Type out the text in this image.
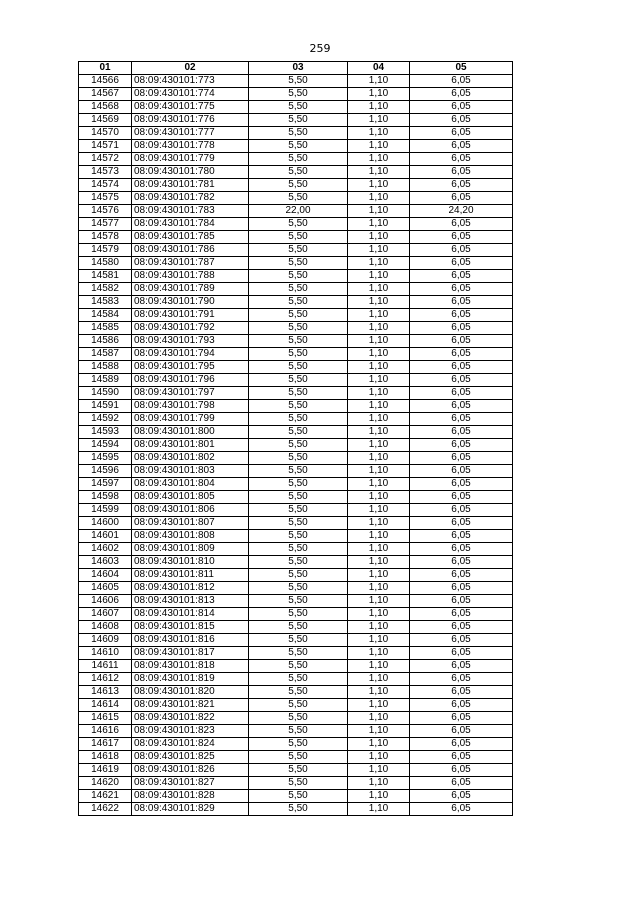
259
01	02	03	04	05
14566	08:09:430101:773	5,50	1,10	6,05
14567	08:09:430101:774	5,50	1,10	6,05
14568	08:09:430101:775	5,50	1,10	6,05
14569	08:09:430101:776	5,50	1,10	6,05
14570	08:09:430101:777	5,50	1,10	6,05
14571	08:09:430101:778	5,50	1,10	6,05
14572	08:09:430101:779	5,50	1,10	6,05
14573	08:09:430101:780	5,50	1,10	6,05
14574	08:09:430101:781	5,50	1,10	6,05
14575	08:09:430101:782	5,50	1,10	6,05
14576	08:09:430101:783	22,00	1,10	24,20
14577	08:09:430101:784	5,50	1,10	6,05
14578	08:09:430101:785	5,50	1,10	6,05
14579	08:09:430101:786	5,50	1,10	6,05
14580	08:09:430101:787	5,50	1,10	6,05
14581	08:09:430101:788	5,50	1,10	6,05
14582	08:09:430101:789	5,50	1,10	6,05
14583	08:09:430101:790	5,50	1,10	6,05
14584	08:09:430101:791	5,50	1,10	6,05
14585	08:09:430101:792	5,50	1,10	6,05
14586	08:09:430101:793	5,50	1,10	6,05
14587	08:09:430101:794	5,50	1,10	6,05
14588	08:09:430101:795	5,50	1,10	6,05
14589	08:09:430101:796	5,50	1,10	6,05
14590	08:09:430101:797	5,50	1,10	6,05
14591	08:09:430101:798	5,50	1,10	6,05
14592	08:09:430101:799	5,50	1,10	6,05
14593	08:09:430101:800	5,50	1,10	6,05
14594	08:09:430101:801	5,50	1,10	6,05
14595	08:09:430101:802	5,50	1,10	6,05
14596	08:09:430101:803	5,50	1,10	6,05
14597	08:09:430101:804	5,50	1,10	6,05
14598	08:09:430101:805	5,50	1,10	6,05
14599	08:09:430101:806	5,50	1,10	6,05
14600	08:09:430101:807	5,50	1,10	6,05
14601	08:09:430101:808	5,50	1,10	6,05
14602	08:09:430101:809	5,50	1,10	6,05
14603	08:09:430101:810	5,50	1,10	6,05
14604	08:09:430101:811	5,50	1,10	6,05
14605	08:09:430101:812	5,50	1,10	6,05
14606	08:09:430101:813	5,50	1,10	6,05
14607	08:09:430101:814	5,50	1,10	6,05
14608	08:09:430101:815	5,50	1,10	6,05
14609	08:09:430101:816	5,50	1,10	6,05
14610	08:09:430101:817	5,50	1,10	6,05
14611	08:09:430101:818	5,50	1,10	6,05
14612	08:09:430101:819	5,50	1,10	6,05
14613	08:09:430101:820	5,50	1,10	6,05
14614	08:09:430101:821	5,50	1,10	6,05
14615	08:09:430101:822	5,50	1,10	6,05
14616	08:09:430101:823	5,50	1,10	6,05
14617	08:09:430101:824	5,50	1,10	6,05
14618	08:09:430101:825	5,50	1,10	6,05
14619	08:09:430101:826	5,50	1,10	6,05
14620	08:09:430101:827	5,50	1,10	6,05
14621	08:09:430101:828	5,50	1,10	6,05
14622	08:09:430101:829	5,50	1,10	6,05
